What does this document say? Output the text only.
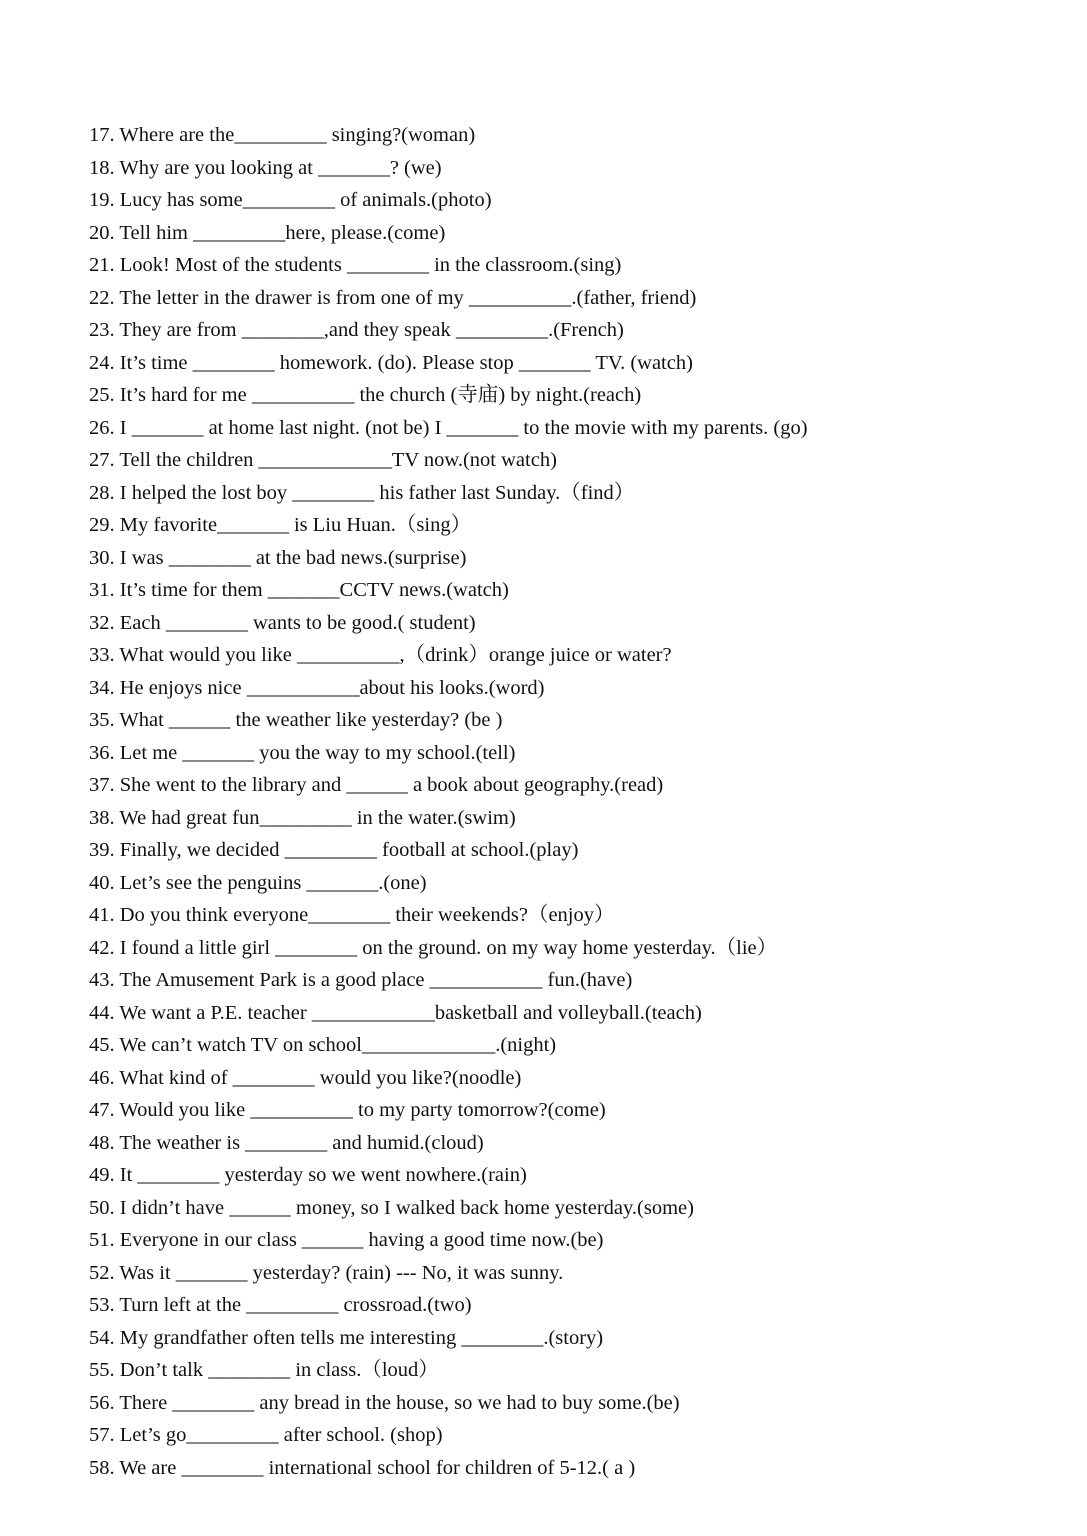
17. Where are the_________ singing?(woman)
18. Why are you looking at _______? (we)
19. Lucy has some_________ of animals.(photo)
20. Tell him _________here, please.(come)
21. Look! Most of the students ________ in the classroom.(sing)
22. The letter in the drawer is from one of my __________.(father, friend)
23. They are from ________,and they speak _________.(French)
24. It’s time ________ homework. (do). Please stop _______ TV. (watch)
25. It’s hard for me __________ the church (寺庙) by night.(reach)
26. I _______ at home last night. (not be) I _______ to the movie with my parents. (go)
27. Tell the children _____________TV now.(not watch)
28. I helped the lost boy ________ his father last Sunday.（find）
29. My favorite_______ is Liu Huan.（sing）
30. I was ________ at the bad news.(surprise)
31. It’s time for them _______CCTV news.(watch)
32. Each ________ wants to be good.( student)
33. What would you like __________,（drink）orange juice or water?
34. He enjoys nice ___________about his looks.(word)
35. What ______ the weather like yesterday? (be )
36. Let me _______ you the way to my school.(tell)
37. She went to the library and ______ a book about geography.(read)
38. We had great fun_________ in the water.(swim)
39. Finally, we decided _________ football at school.(play)
40. Let’s see the penguins _______.(one)
41. Do you think everyone________ their weekends?（enjoy）
42. I found a little girl ________ on the ground. on my way home yesterday.（lie）
43. The Amusement Park is a good place ___________ fun.(have)
44. We want a P.E. teacher ____________basketball and volleyball.(teach)
45. We can’t watch TV on school_____________.(night)
46. What kind of ________ would you like?(noodle)
47. Would you like __________ to my party tomorrow?(come)
48. The weather is ________ and humid.(cloud)
49. It ________ yesterday so we went nowhere.(rain)
50. I didn’t have ______ money, so I walked back home yesterday.(some)
51. Everyone in our class ______ having a good time now.(be)
52. Was it _______ yesterday? (rain) --- No, it was sunny.
53. Turn left at the _________ crossroad.(two)
54. My grandfather often tells me interesting ________.(story)
55. Don’t talk ________ in class.（loud）
56. There ________ any bread in the house, so we had to buy some.(be)
57. Let’s go_________ after school. (shop)
58. We are ________ international school for children of 5-12.( a )
